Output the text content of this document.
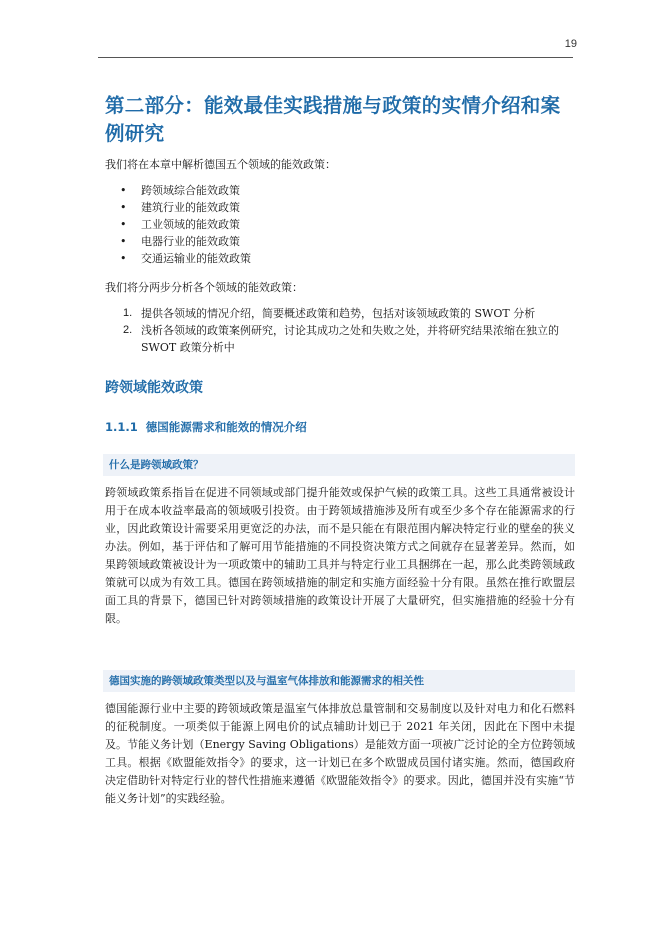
19
第二部分：能效最佳实践措施与政策的实情介绍和案例研究

我们将在本章中解析德国五个领域的能效政策：

• 跨领域综合能效政策
• 建筑行业的能效政策
• 工业领域的能效政策
• 电器行业的能效政策
• 交通运输业的能效政策

我们将分两步分析各个领域的能效政策：

1. 提供各领域的情况介绍，简要概述政策和趋势，包括对该领域政策的 SWOT 分析
2. 浅析各领域的政策案例研究，讨论其成功之处和失败之处，并将研究结果浓缩在独立的 SWOT 政策分析中
跨领域能效政策
1.1.1 德国能源需求和能效的情况介绍
什么是跨领域政策？

跨领域政策系指旨在促进不同领域或部门提升能效或保护气候的政策工具。这些工具通常被设计用于在成本收益率最高的领域吸引投资。由于跨领域措施涉及所有或至少多个存在能源需求的行业，因此政策设计需要采用更宽泛的办法，而不是只能在有限范围内解决特定行业的壁垒的狭义办法。例如，基于评估和了解可用节能措施的不同投资决策方式之间就存在显著差异。然而，如果跨领域政策被设计为一项政策中的辅助工具并与特定行业工具捆绑在一起，那么此类跨领域政策就可以成为有效工具。德国在跨领域措施的制定和实施方面经验十分有限。虽然在推行欧盟层面工具的背景下，德国已针对跨领域措施的政策设计开展了大量研究，但实施措施的经验十分有限。

德国实施的跨领域政策类型以及与温室气体排放和能源需求的相关性

德国能源行业中主要的跨领域政策是温室气体排放总量管制和交易制度以及针对电力和化石燃料的征税制度。一项类似于能源上网电价的试点辅助计划已于 2021 年关闭，因此在下图中未提及。节能义务计划（Energy Saving Obligations）是能效方面一项被广泛讨论的全方位跨领域工具。根据《欧盟能效指令》的要求，这一计划已在多个欧盟成员国付诸实施。然而，德国政府决定借助针对特定行业的替代性措施来遵循《欧盟能效指令》的要求。因此，德国并没有实施“节能义务计划”的实践经验。
